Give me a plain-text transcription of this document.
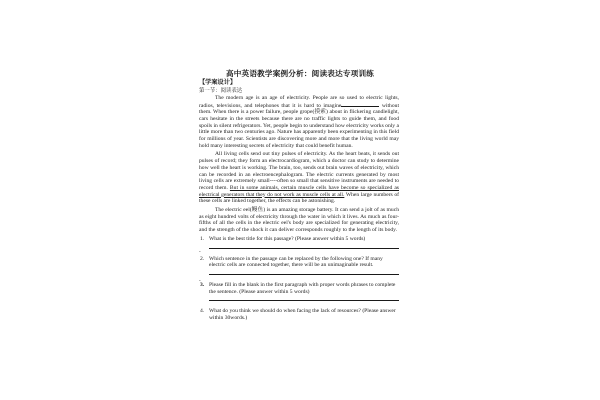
高中英语教学案例分析：阅读表达专项训练
【学案设计】
第一节：阅读表达

The modern age is an age of electricity. People are so used to electric lights, radios, televisions, and telephones that it is hard to imagine	without them. When there is a power failure, people grope(摸索) about in flickering candlelight, cars hesitate in the streets because there are no traffic lights to guide them, and food spoils in silent refrigerators. Yet, people begin to understand how electricity works only a little more than two centuries ago. Nature has apparently been experimenting in this field for millions of year. Scientists are discovering more and more that the living world may hold many interesting secrets of electricity that could benefit human.

All living cells send out tiny pulses of electricity. As the heart beats, it sends out pulses of record; they form an electrocardiogram, which a doctor can study to determine how well the heart is working. The brain, too, sends out brain waves of electricity, which can be recorded in an electroencephalogram. The electric currents generated by most living cells are extremely small----often so small that sensitive instruments are needed to record them. But in some animals, certain muscle cells have become so specialized as electrical generators that they do not work as muscle cells at all. When large numbers of these cells are linked together, the effects can be astonishing.

The electric eel(鳗鱼) is an amazing storage battery. It can send a jolt of as much as eight hundred volts of electricity through the water in which it lives. As much as four-fifths of all the cells in the electric eel's body are specialized for generating electricity, and the strength of the shock it can deliver corresponds roughly to the length of its body.

1. What is the best title for this passage? (Please answer within 5 words)
-
2. Which sentence in the passage can be replaced by the following one? If many electric cells are connected together, there will be an unimaginable result.
-
3. Please fill in the blank in the first paragraph with proper words phrases to complete the sentence. (Please answer within 5 words)
4. What do you think we should do when facing the lack of resources? (Please answer within 30words.)
